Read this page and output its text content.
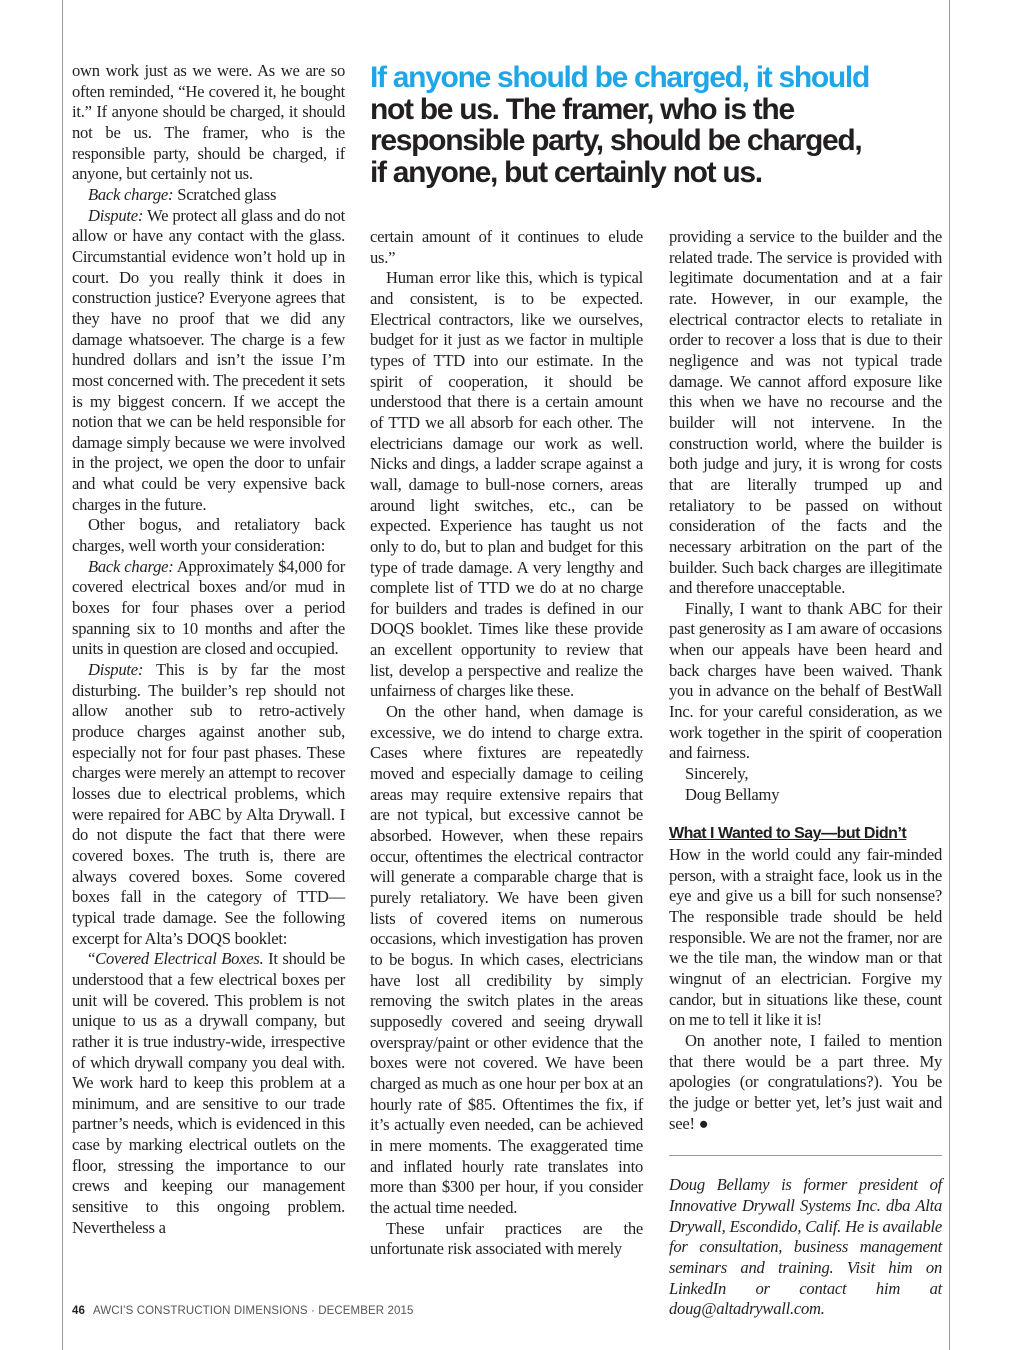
If anyone should be charged, it should
not be us. The framer, who is the
responsible party, should be charged,
if anyone, but certainly not us.

own work just as we were. As we are so often reminded, “He covered it, he bought it.” If anyone should be charged, it should not be us. The framer, who is the responsible party, should be charged, if anyone, but certainly not us.

Back charge: Scratched glass

Dispute: We protect all glass and do not allow or have any contact with the glass. Circumstantial evidence won’t hold up in court. Do you really think it does in construction justice? Everyone agrees that they have no proof that we did any damage whatsoever. The charge is a few hundred dollars and isn’t the issue I’m most concerned with. The precedent it sets is my biggest concern. If we accept the notion that we can be held responsible for damage simply because we were involved in the project, we open the door to unfair and what could be very expensive back charges in the future.

Other bogus, and retaliatory back charges, well worth your consideration:

Back charge: Approximately $4,000 for covered electrical boxes and/or mud in boxes for four phases over a period spanning six to 10 months and after the units in question are closed and occupied.

Dispute: This is by far the most disturbing. The builder’s rep should not allow another sub to retro-actively produce charges against another sub, especially not for four past phases. These charges were merely an attempt to recover losses due to electrical problems, which were repaired for ABC by Alta Drywall. I do not dispute the fact that there were covered boxes. The truth is, there are always covered boxes. Some covered boxes fall in the category of TTD—typical trade damage. See the following excerpt for Alta’s DOQS booklet:

“Covered Electrical Boxes. It should be understood that a few electrical boxes per unit will be covered. This problem is not unique to us as a drywall company, but rather it is true industry-wide, irrespective of which drywall company you deal with. We work hard to keep this problem at a minimum, and are sensitive to our trade partner’s needs, which is evidenced in this case by marking electrical outlets on the floor, stressing the importance to our crews and keeping our management sensitive to this ongoing problem. Nevertheless a

certain amount of it continues to elude us.”

Human error like this, which is typical and consistent, is to be expected. Electrical contractors, like we ourselves, budget for it just as we factor in multiple types of TTD into our estimate. In the spirit of cooperation, it should be understood that there is a certain amount of TTD we all absorb for each other. The electricians damage our work as well. Nicks and dings, a ladder scrape against a wall, damage to bull-nose corners, areas around light switches, etc., can be expected. Experience has taught us not only to do, but to plan and budget for this type of trade damage. A very lengthy and complete list of TTD we do at no charge for builders and trades is defined in our DOQS booklet. Times like these provide an excellent opportunity to review that list, develop a perspective and realize the unfairness of charges like these.

On the other hand, when damage is excessive, we do intend to charge extra. Cases where fixtures are repeatedly moved and especially damage to ceiling areas may require extensive repairs that are not typical, but excessive cannot be absorbed. However, when these repairs occur, oftentimes the electrical contractor will generate a comparable charge that is purely retaliatory. We have been given lists of covered items on numerous occasions, which investigation has proven to be bogus. In which cases, electricians have lost all credibility by simply removing the switch plates in the areas supposedly covered and seeing drywall overspray/paint or other evidence that the boxes were not covered. We have been charged as much as one hour per box at an hourly rate of $85. Oftentimes the fix, if it’s actually even needed, can be achieved in mere moments. The exaggerated time and inflated hourly rate translates into more than $300 per hour, if you consider the actual time needed.

These unfair practices are the unfortunate risk associated with merely

providing a service to the builder and the related trade. The service is provided with legitimate documentation and at a fair rate. However, in our example, the electrical contractor elects to retaliate in order to recover a loss that is due to their negligence and was not typical trade damage. We cannot afford exposure like this when we have no recourse and the builder will not intervene. In the construction world, where the builder is both judge and jury, it is wrong for costs that are literally trumped up and retaliatory to be passed on without consideration of the facts and the necessary arbitration on the part of the builder. Such back charges are illegitimate and therefore unacceptable.

Finally, I want to thank ABC for their past generosity as I am aware of occasions when our appeals have been heard and back charges have been waived. Thank you in advance on the behalf of BestWall Inc. for your careful consideration, as we work together in the spirit of cooperation and fairness.

Sincerely,

Doug Bellamy

What I Wanted to Say—but Didn’t

How in the world could any fair-minded person, with a straight face, look us in the eye and give us a bill for such nonsense? The responsible trade should be held responsible. We are not the framer, nor are we the tile man, the window man or that wingnut of an electrician. Forgive my candor, but in situations like these, count on me to tell it like it is!

On another note, I failed to mention that there would be a part three. My apologies (or congratulations?). You be the judge or better yet, let’s just wait and see! ●

Doug Bellamy is former president of Innovative Drywall Systems Inc. dba Alta Drywall, Escondido, Calif. He is available for consultation, business management seminars and training. Visit him on LinkedIn or contact him at doug@altadrywall.com.

46 AWCI’S CONSTRUCTION DIMENSIONS · DECEMBER 2015
